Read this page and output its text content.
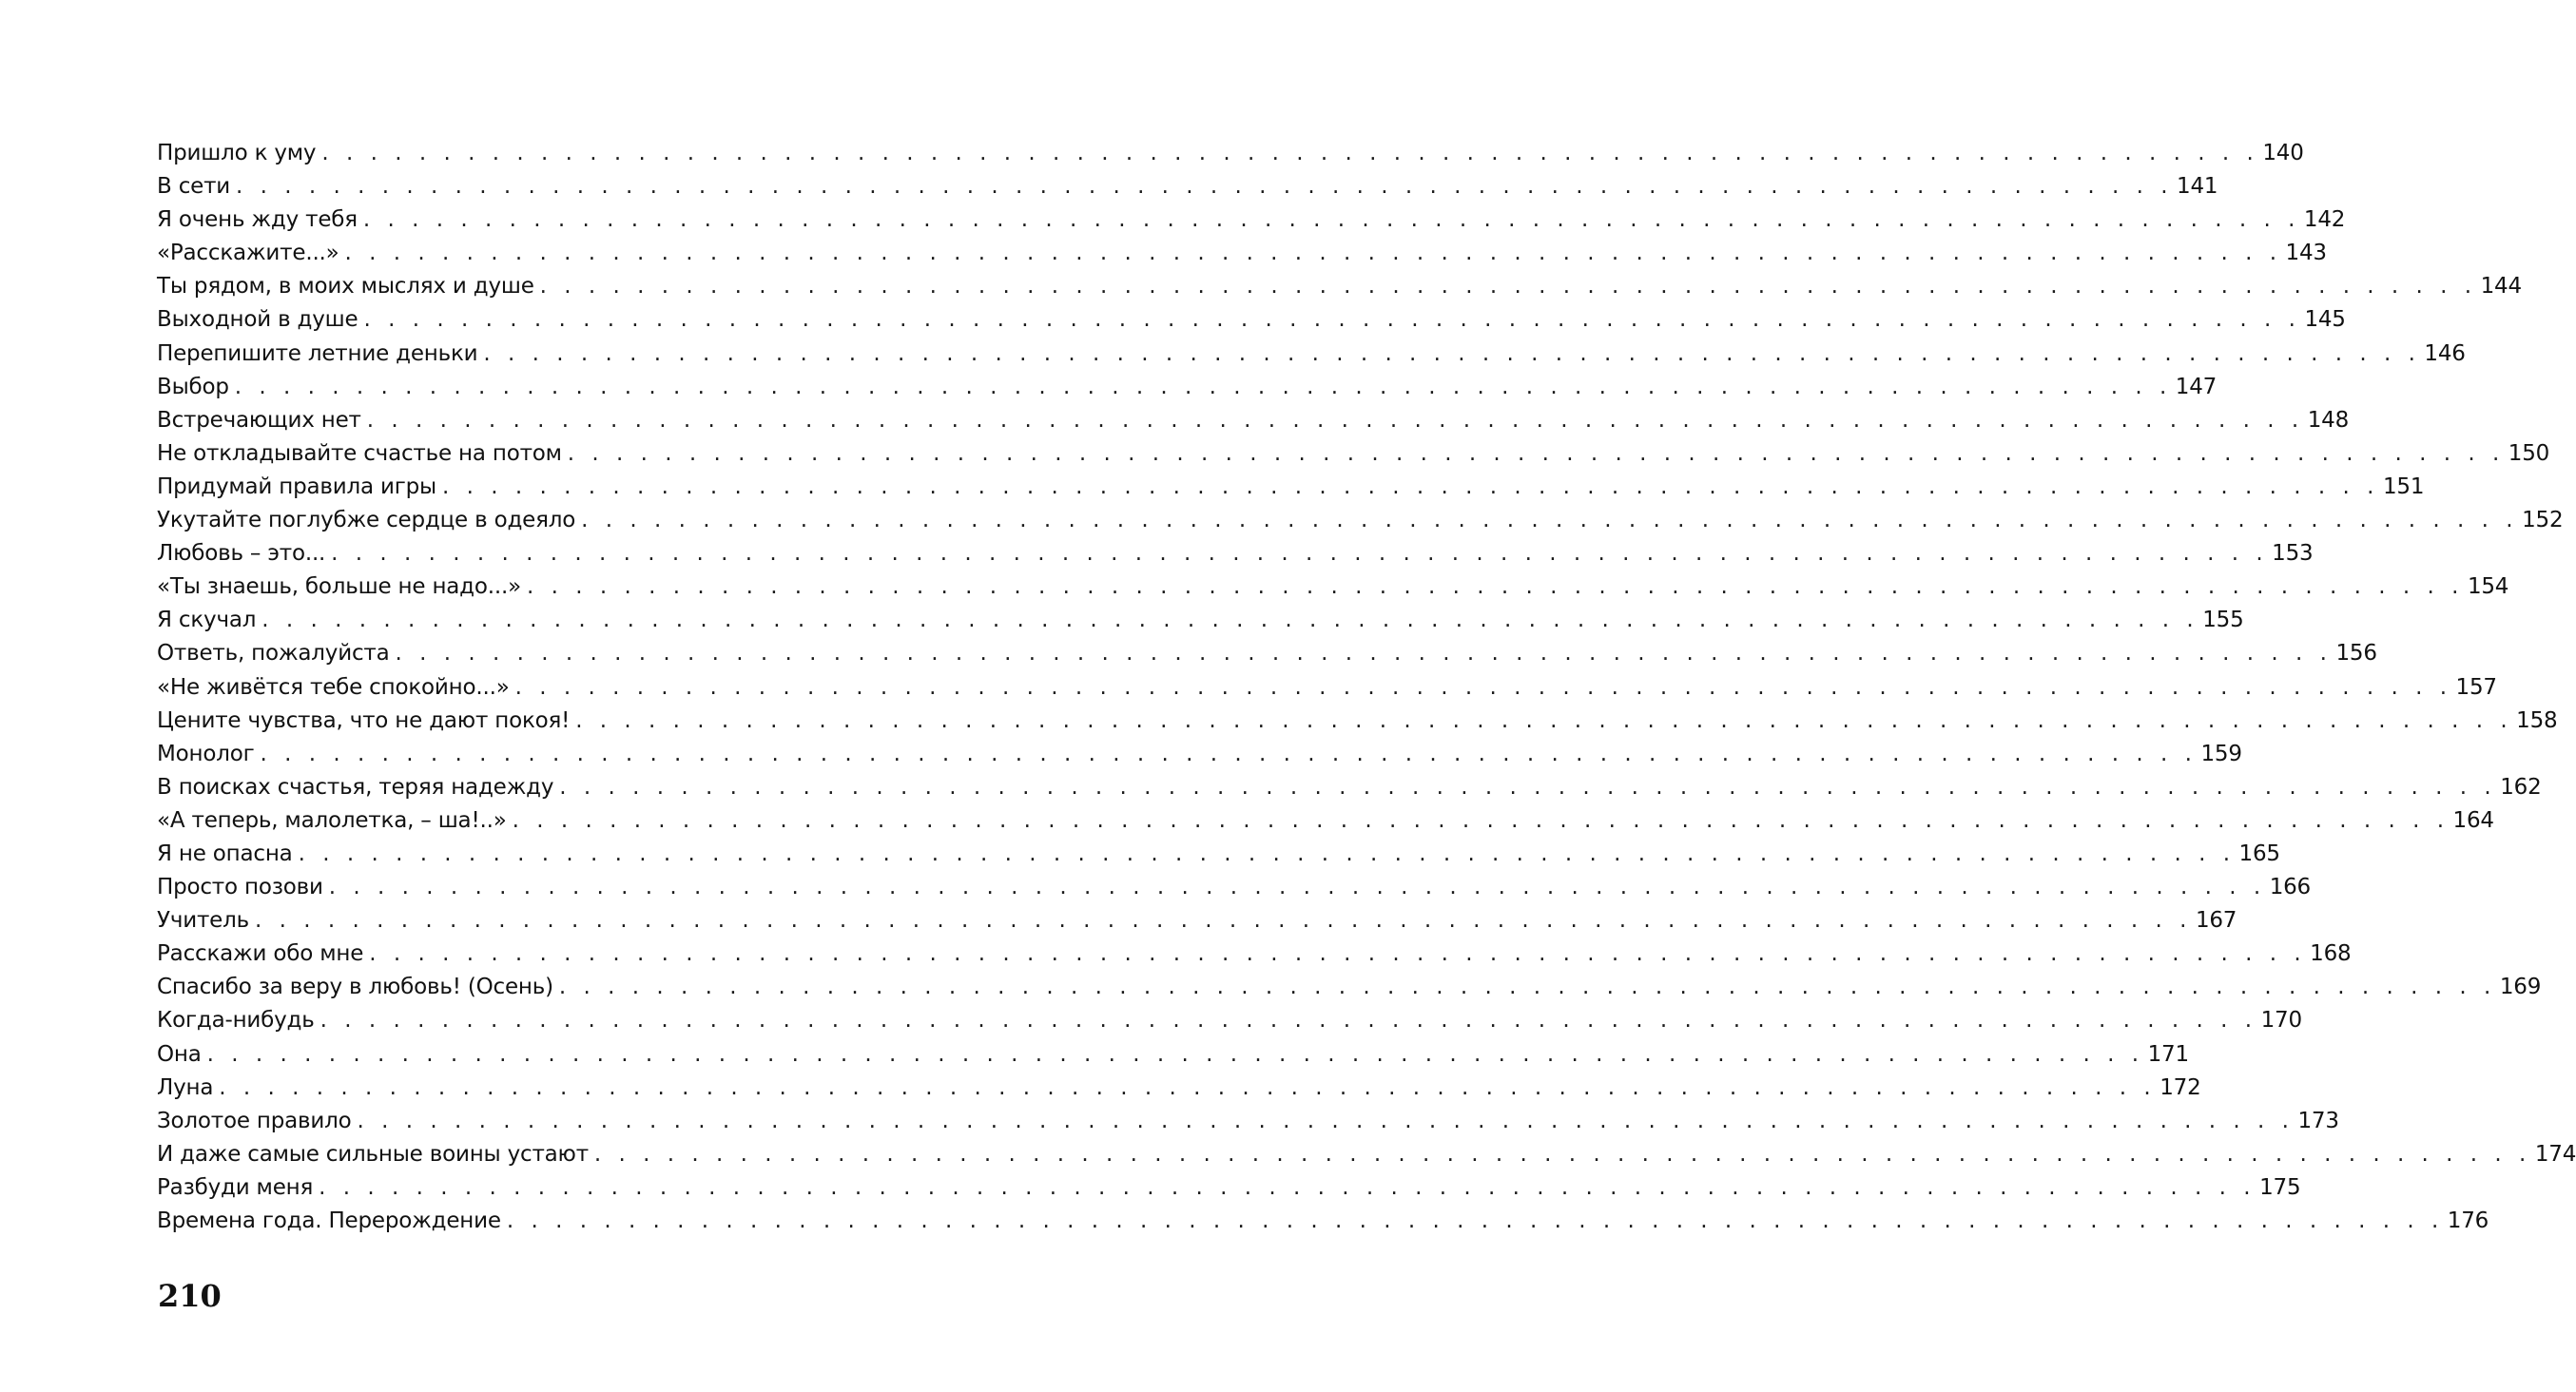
Пришло к уму . . . . . . . . . . . . . . . . . . . . . . . . . . . . . . . . . . . . . . . . . . . . . . . . . . . . . . . . . . . . . . . . . . . . . . . . . . . . . . . . 140
В сети . . . . . . . . . . . . . . . . . . . . . . . . . . . . . . . . . . . . . . . . . . . . . . . . . . . . . . . . . . . . . . . . . . . . . . . . . . . . . . . . 141
Я очень жду тебя . . . . . . . . . . . . . . . . . . . . . . . . . . . . . . . . . . . . . . . . . . . . . . . . . . . . . . . . . . . . . . . . . . . . . . . . . . . . . . . . 142
«Расскажите...» . . . . . . . . . . . . . . . . . . . . . . . . . . . . . . . . . . . . . . . . . . . . . . . . . . . . . . . . . . . . . . . . . . . . . . . . . . . . . . . . 143
Ты рядом, в моих мыслях и душе . . . . . . . . . . . . . . . . . . . . . . . . . . . . . . . . . . . . . . . . . . . . . . . . . . . . . . . . . . . . . . . . . . . . . . . . . . . . . . . . 144
Выходной в душе . . . . . . . . . . . . . . . . . . . . . . . . . . . . . . . . . . . . . . . . . . . . . . . . . . . . . . . . . . . . . . . . . . . . . . . . . . . . . . . . 145
Перепишите летние деньки . . . . . . . . . . . . . . . . . . . . . . . . . . . . . . . . . . . . . . . . . . . . . . . . . . . . . . . . . . . . . . . . . . . . . . . . . . . . . . . . 146
Выбор . . . . . . . . . . . . . . . . . . . . . . . . . . . . . . . . . . . . . . . . . . . . . . . . . . . . . . . . . . . . . . . . . . . . . . . . . . . . . . . . 147
Встречающих нет . . . . . . . . . . . . . . . . . . . . . . . . . . . . . . . . . . . . . . . . . . . . . . . . . . . . . . . . . . . . . . . . . . . . . . . . . . . . . . . . 148
Не откладывайте счастье на потом . . . . . . . . . . . . . . . . . . . . . . . . . . . . . . . . . . . . . . . . . . . . . . . . . . . . . . . . . . . . . . . . . . . . . . . . . . . . . . . . 150
Придумай правила игры . . . . . . . . . . . . . . . . . . . . . . . . . . . . . . . . . . . . . . . . . . . . . . . . . . . . . . . . . . . . . . . . . . . . . . . . . . . . . . . . 151
Укутайте поглубже сердце в одеяло . . . . . . . . . . . . . . . . . . . . . . . . . . . . . . . . . . . . . . . . . . . . . . . . . . . . . . . . . . . . . . . . . . . . . . . . . . . . . . . . 152
Любовь – это... . . . . . . . . . . . . . . . . . . . . . . . . . . . . . . . . . . . . . . . . . . . . . . . . . . . . . . . . . . . . . . . . . . . . . . . . . . . . . . . . 153
«Ты знаешь, больше не надо...» . . . . . . . . . . . . . . . . . . . . . . . . . . . . . . . . . . . . . . . . . . . . . . . . . . . . . . . . . . . . . . . . . . . . . . . . . . . . . . . . 154
Я скучал . . . . . . . . . . . . . . . . . . . . . . . . . . . . . . . . . . . . . . . . . . . . . . . . . . . . . . . . . . . . . . . . . . . . . . . . . . . . . . . . 155
Ответь, пожалуйста . . . . . . . . . . . . . . . . . . . . . . . . . . . . . . . . . . . . . . . . . . . . . . . . . . . . . . . . . . . . . . . . . . . . . . . . . . . . . . . . 156
«Не живётся тебе спокойно...» . . . . . . . . . . . . . . . . . . . . . . . . . . . . . . . . . . . . . . . . . . . . . . . . . . . . . . . . . . . . . . . . . . . . . . . . . . . . . . . . 157
Цените чувства, что не дают покоя! . . . . . . . . . . . . . . . . . . . . . . . . . . . . . . . . . . . . . . . . . . . . . . . . . . . . . . . . . . . . . . . . . . . . . . . . . . . . . . . . 158
Монолог . . . . . . . . . . . . . . . . . . . . . . . . . . . . . . . . . . . . . . . . . . . . . . . . . . . . . . . . . . . . . . . . . . . . . . . . . . . . . . . . 159
В поисках счастья, теряя надежду . . . . . . . . . . . . . . . . . . . . . . . . . . . . . . . . . . . . . . . . . . . . . . . . . . . . . . . . . . . . . . . . . . . . . . . . . . . . . . . . 162
«А теперь, малолетка, – ша!..» . . . . . . . . . . . . . . . . . . . . . . . . . . . . . . . . . . . . . . . . . . . . . . . . . . . . . . . . . . . . . . . . . . . . . . . . . . . . . . . . 164
Я не опасна . . . . . . . . . . . . . . . . . . . . . . . . . . . . . . . . . . . . . . . . . . . . . . . . . . . . . . . . . . . . . . . . . . . . . . . . . . . . . . . . 165
Просто позови . . . . . . . . . . . . . . . . . . . . . . . . . . . . . . . . . . . . . . . . . . . . . . . . . . . . . . . . . . . . . . . . . . . . . . . . . . . . . . . . 166
Учитель . . . . . . . . . . . . . . . . . . . . . . . . . . . . . . . . . . . . . . . . . . . . . . . . . . . . . . . . . . . . . . . . . . . . . . . . . . . . . . . . 167
Расскажи обо мне . . . . . . . . . . . . . . . . . . . . . . . . . . . . . . . . . . . . . . . . . . . . . . . . . . . . . . . . . . . . . . . . . . . . . . . . . . . . . . . . 168
Спасибо за веру в любовь! (Осень) . . . . . . . . . . . . . . . . . . . . . . . . . . . . . . . . . . . . . . . . . . . . . . . . . . . . . . . . . . . . . . . . . . . . . . . . . . . . . . . . 169
Когда-нибудь . . . . . . . . . . . . . . . . . . . . . . . . . . . . . . . . . . . . . . . . . . . . . . . . . . . . . . . . . . . . . . . . . . . . . . . . . . . . . . . . 170
Она . . . . . . . . . . . . . . . . . . . . . . . . . . . . . . . . . . . . . . . . . . . . . . . . . . . . . . . . . . . . . . . . . . . . . . . . . . . . . . . . 171
Луна . . . . . . . . . . . . . . . . . . . . . . . . . . . . . . . . . . . . . . . . . . . . . . . . . . . . . . . . . . . . . . . . . . . . . . . . . . . . . . . . 172
Золотое правило . . . . . . . . . . . . . . . . . . . . . . . . . . . . . . . . . . . . . . . . . . . . . . . . . . . . . . . . . . . . . . . . . . . . . . . . . . . . . . . . 173
И даже самые сильные воины устают . . . . . . . . . . . . . . . . . . . . . . . . . . . . . . . . . . . . . . . . . . . . . . . . . . . . . . . . . . . . . . . . . . . . . . . . . . . . . . . . 174
Разбуди меня . . . . . . . . . . . . . . . . . . . . . . . . . . . . . . . . . . . . . . . . . . . . . . . . . . . . . . . . . . . . . . . . . . . . . . . . . . . . . . . . 175
Времена года. Перерождение . . . . . . . . . . . . . . . . . . . . . . . . . . . . . . . . . . . . . . . . . . . . . . . . . . . . . . . . . . . . . . . . . . . . . . . . . . . . . . . . 176

210
